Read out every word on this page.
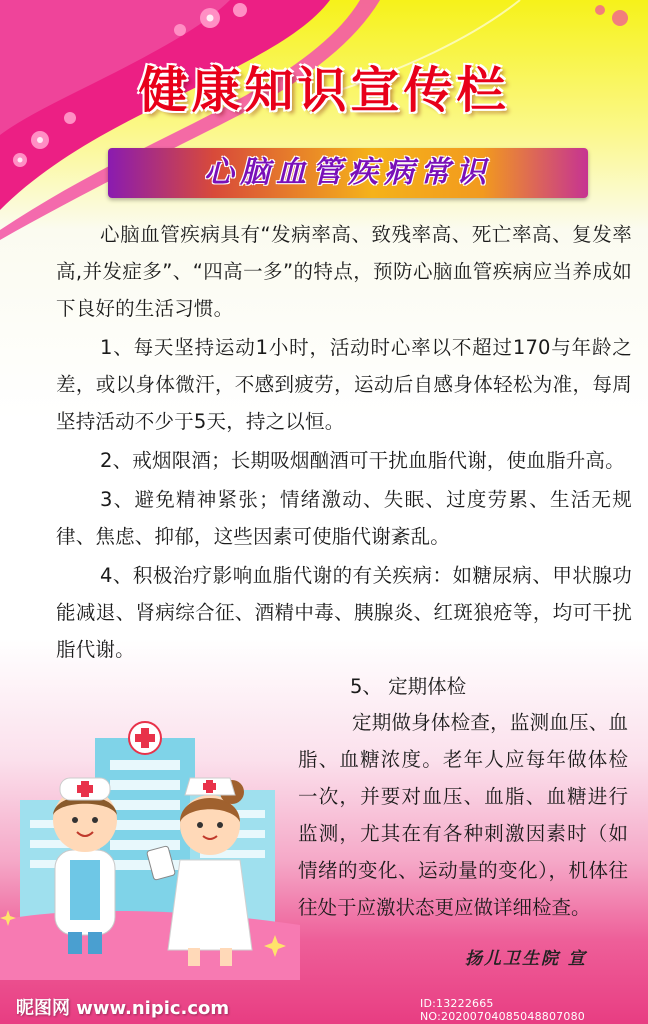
健康知识宣传栏
心脑血管疾病常识

心脑血管疾病具有“发病率高、致残率高、死亡率高、复发率高,并发症多”、“四高一多”的特点，预防心脑血管疾病应当养成如下良好的生活习惯。

1、每天坚持运动1小时，活动时心率以不超过170与年龄之差，或以身体微汗，不感到疲劳，运动后自感身体轻松为准，每周坚持活动不少于5天，持之以恒。

2、戒烟限酒；长期吸烟酗酒可干扰血脂代谢，使血脂升高。

3、避免精神紧张；情绪激动、失眠、过度劳累、生活无规律、焦虑、抑郁，这些因素可使脂代谢紊乱。

4、积极治疗影响血脂代谢的有关疾病：如糖尿病、甲状腺功能减退、肾病综合征、酒精中毒、胰腺炎、红斑狼疮等，均可干扰脂代谢。

5、 定期体检
定期做身体检查，监测血压、血脂、血糖浓度。老年人应每年做体检一次，并要对血压、血脂、血糖进行监测，尤其在有各种刺激因素时（如情绪的变化、运动量的变化），机体往往处于应激状态更应做详细检查。
扬儿卫生院 宣
昵图网 www.nipic.com	ID:13222665 NO:20200704085048807080
